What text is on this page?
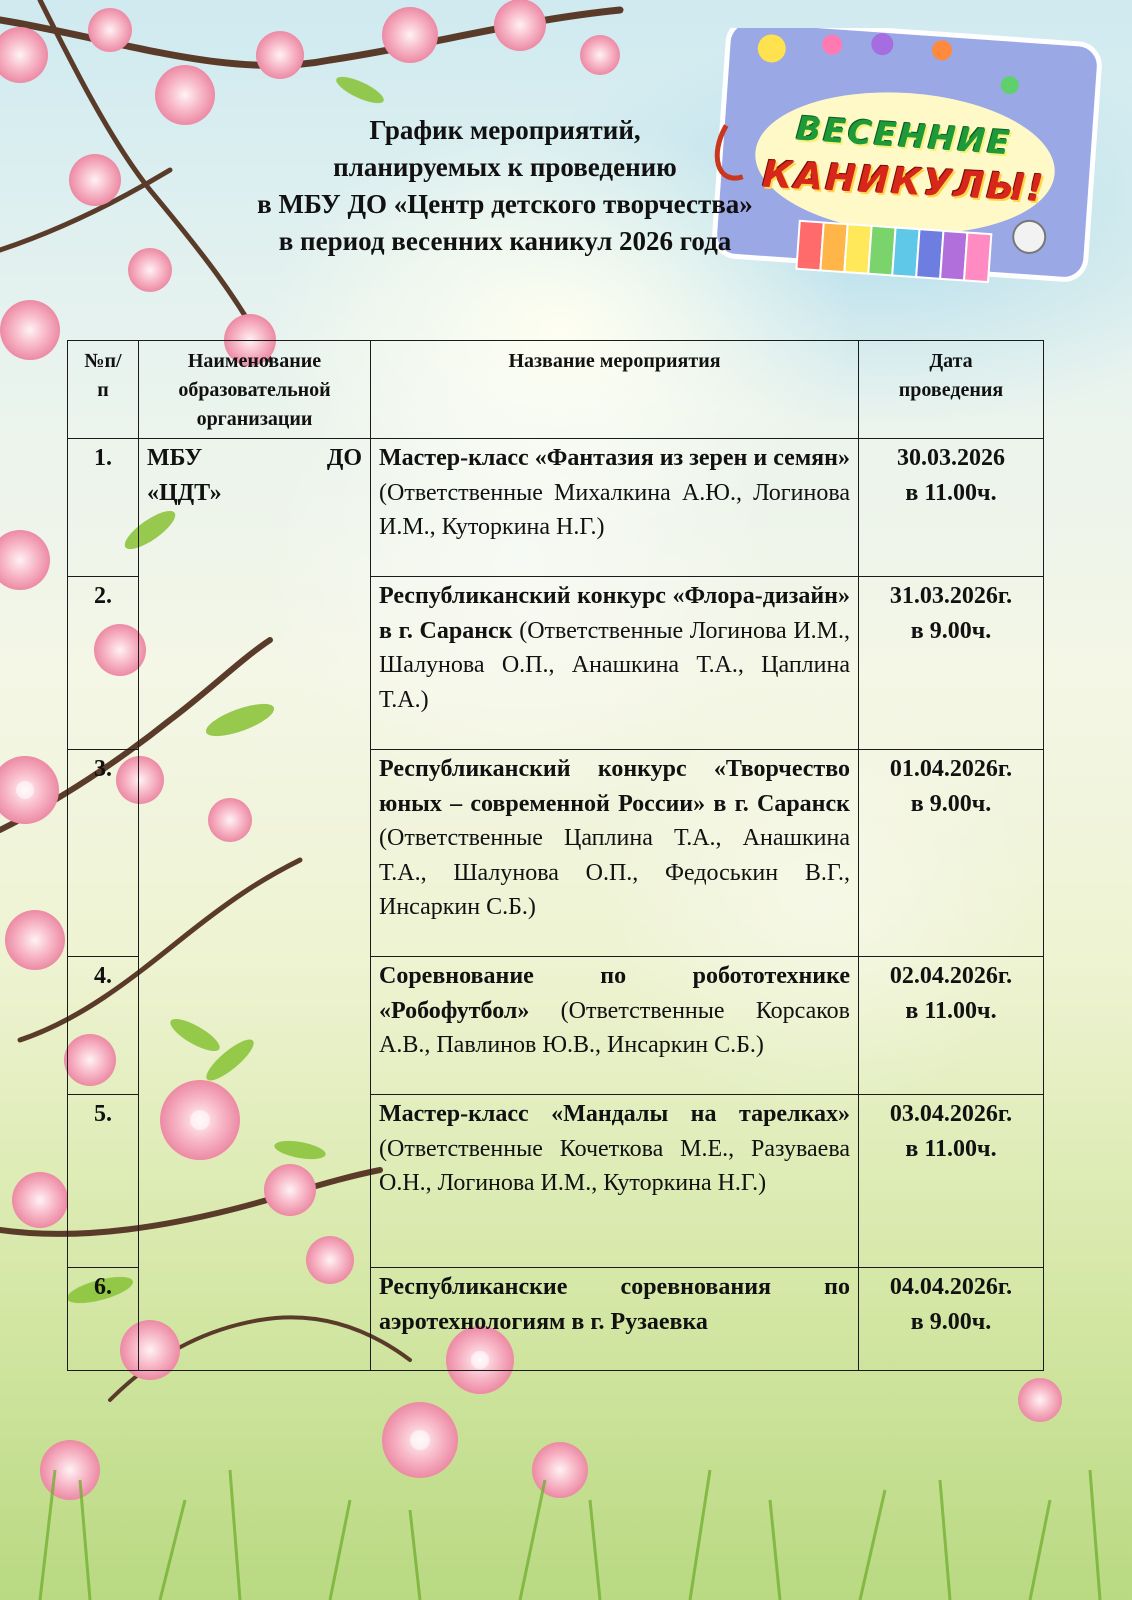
ВЕСЕННИЕ
КАНИКУЛЫ!
График мероприятий,
планируемых к проведению
в МБУ ДО «Центр детского творчества»
в период весенних каникул 2026 года
№п/
п	Наименование
образовательной
организации	Название мероприятия	Дата
проведения

1.	МБУ ДО
«ЦДТ»	Мастер-класс «Фантазия из зерен и семян» (Ответственные Михалкина А.Ю., Логинова И.М., Куторкина Н.Г.)	30.03.2026
в 11.00ч.

2.		Республиканский конкурс «Флора-дизайн» в г. Саранск (Ответственные Логинова И.М., Шалунова О.П., Анашкина Т.А., Цаплина Т.А.)	31.03.2026г.
в 9.00ч.

3.		Республиканский конкурс «Творчество юных – современной России» в г. Саранск (Ответственные Цаплина Т.А., Анашкина Т.А., Шалунова О.П., Федоськин В.Г., Инсаркин С.Б.)	01.04.2026г.
в 9.00ч.

4.		Соревнование по робототехнике «Робофутбол» (Ответственные Корсаков А.В., Павлинов Ю.В., Инсаркин С.Б.)	02.04.2026г.
в 11.00ч.

5.		Мастер-класс «Мандалы на тарелках» (Ответственные Кочеткова М.Е., Разуваева О.Н., Логинова И.М., Куторкина Н.Г.)	03.04.2026г.
в 11.00ч.

6.		Республиканские соревнования по аэротехнологиям в г. Рузаевка	04.04.2026г.
в 9.00ч.
